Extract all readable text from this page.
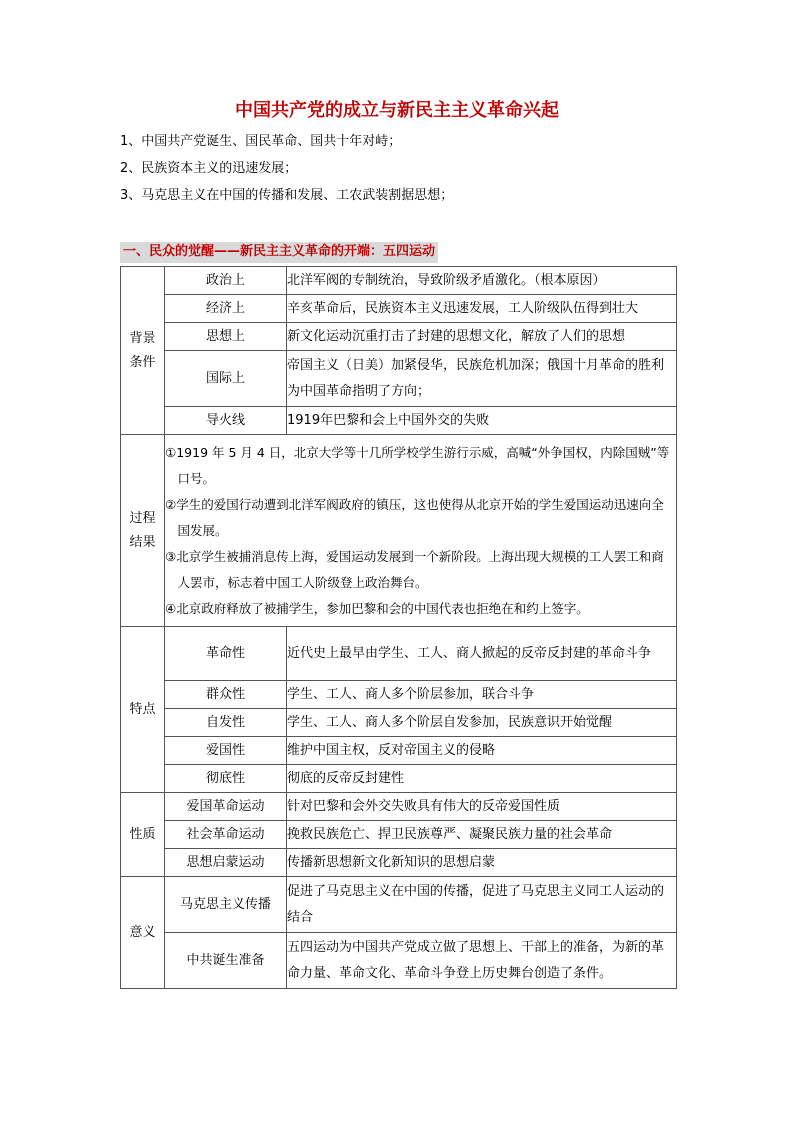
中国共产党的成立与新民主主义革命兴起
1、中国共产党诞生、国民革命、国共十年对峙；
2、民族资本主义的迅速发展；
3、马克思主义在中国的传播和发展、工农武装割据思想；
一、民众的觉醒——新民主主义革命的开端：五四运动
背景条件	政治上	北洋军阀的专制统治，导致阶级矛盾激化。（根本原因）
	经济上	辛亥革命后，民族资本主义迅速发展，工人阶级队伍得到壮大
	思想上	新文化运动沉重打击了封建的思想文化，解放了人们的思想
	国际上	帝国主义（日美）加紧侵华，民族危机加深；俄国十月革命的胜利为中国革命指明了方向；
	导火线	1919年巴黎和会上中国外交的失败

过程结果	①1919 年 5 月 4 日，北京大学等十几所学校学生游行示威，高喊“外争国权，内除国贼”等口号。
②学生的爱国行动遭到北洋军阀政府的镇压，这也使得从北京开始的学生爱国运动迅速向全国发展。
③北京学生被捕消息传上海，爱国运动发展到一个新阶段。上海出现大规模的工人罢工和商人罢市，标志着中国工人阶级登上政治舞台。
④北京政府释放了被捕学生，参加巴黎和会的中国代表也拒绝在和约上签字。	

特点	革命性	近代史上最早由学生、工人、商人掀起的反帝反封建的革命斗争
	群众性	学生、工人、商人多个阶层参加，联合斗争
	自发性	学生、工人、商人多个阶层自发参加，民族意识开始觉醒
	爱国性	维护中国主权，反对帝国主义的侵略
	彻底性	彻底的反帝反封建性

性质	爱国革命运动	针对巴黎和会外交失败具有伟大的反帝爱国性质
	社会革命运动	挽救民族危亡、捍卫民族尊严、凝聚民族力量的社会革命
	思想启蒙运动	传播新思想新文化新知识的思想启蒙

意义	马克思主义传播	促进了马克思主义在中国的传播，促进了马克思主义同工人运动的结合
	中共诞生准备	五四运动为中国共产党成立做了思想上、干部上的准备，为新的革命力量、革命文化、革命斗争登上历史舞台创造了条件。
